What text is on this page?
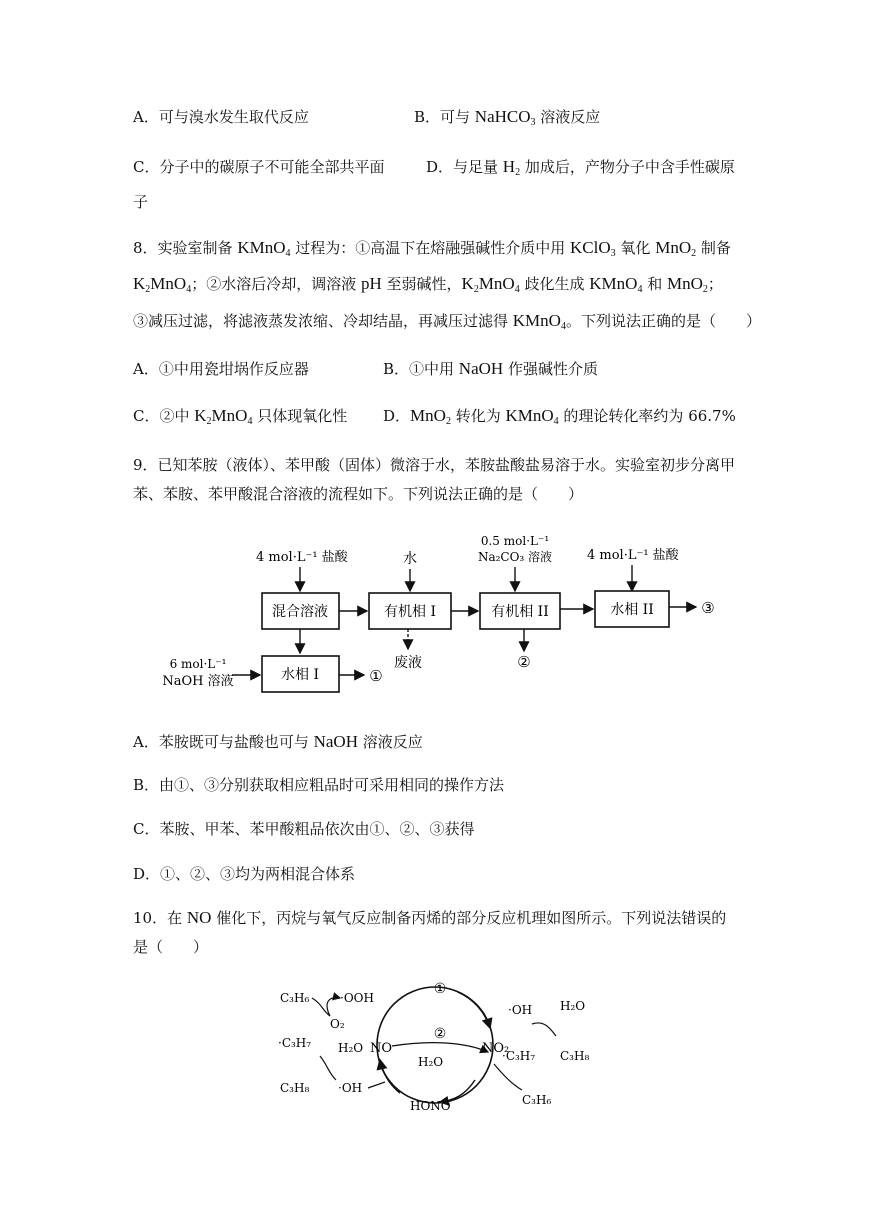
A．可与溴水发生取代反应	B．可与 NaHCO$_3$ 溶液反应
C．分子中的碳原子不可能全部共平面	D．与足量 $H_2$ 加成后，产物分子中含手性碳原
子
8．实验室制备 KMnO$_4$ 过程为：①高温下在熔融强碱性介质中用 KClO$_3$ 氧化 MnO$_2$ 制备
$K_2MnO_4$；②水溶后冷却，调溶液 pH 至弱碱性，$K_2MnO_4$ 歧化生成 KMnO$_4$ 和 MnO$_2$；
③减压过滤，将滤液蒸发浓缩、冷却结晶，再减压过滤得 KMnO$_4$。下列说法正确的是（　　）
A．①中用瓷坩埚作反应器	B．①中用 NaOH 作强碱性介质
C．②中 $K_2MnO_4$ 只体现氧化性 D．MnO$_2$ 转化为 KMnO$_4$ 的理论转化率约为 66.7%
9．已知苯胺（液体）、苯甲酸（固体）微溶于水，苯胺盐酸盐易溶于水。实验室初步分离甲
苯、苯胺、苯甲酸混合溶液的流程如下。下列说法正确的是（　　）
4 mol·L⁻¹ 盐酸	水
0.5 mol·L⁻¹
Na₂CO₃ 溶液	4 mol·L⁻¹ 盐酸
混合溶液	有机相 I	有机相 II	水相 II	③
废液	②
6 mol·L⁻¹
NaOH 溶液	水相 I	①
A．苯胺既可与盐酸也可与 NaOH 溶液反应
B．由①、③分别获取相应粗品时可采用相同的操作方法
C．苯胺、甲苯、苯甲酸粗品依次由①、②、③获得
D．①、②、③均为两相混合体系
10．在 NO 催化下，丙烷与氧气反应制备丙烯的部分反应机理如图所示。下列说法错误的
是（　　）
①
②
C₃H₆	·OOH
O₂
·C₃H₇ H₂O
C₃H₈ ·OH
NO
H₂O
NO₂
HONO
·OH H₂O
·C₃H₇ C₃H₈
C₃H₆
